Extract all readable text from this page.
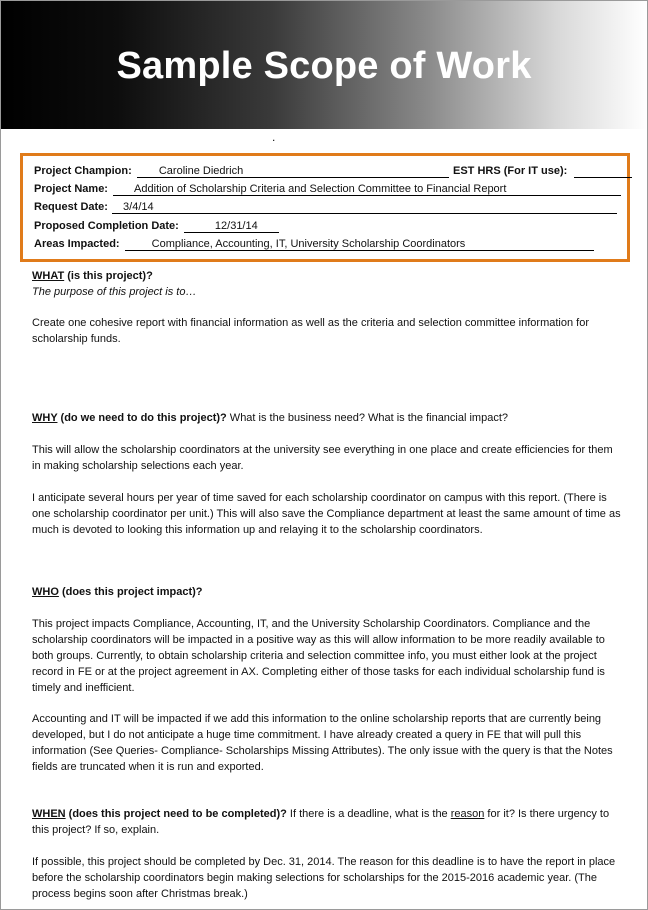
Sample Scope of Work
.
Project Champion: Caroline Diedrich	EST HRS (For IT use):
Project Name: Addition of Scholarship Criteria and Selection Committee to Financial Report
Request Date: 3/4/14
Proposed Completion Date:	12/31/14
Areas Impacted:	Compliance, Accounting, IT, University Scholarship Coordinators

WHAT (is this project)?

The purpose of this project is to…

Create one cohesive report with financial information as well as the criteria and selection committee information for scholarship funds.

WHY (do we need to do this project)? What is the business need? What is the financial impact?

This will allow the scholarship coordinators at the university see everything in one place and create efficiencies for them in making scholarship selections each year.
I anticipate several hours per year of time saved for each scholarship coordinator on campus with this report. (There is one scholarship coordinator per unit.) This will also save the Compliance department at least the same amount of time as much is devoted to looking this information up and relaying it to the scholarship coordinators.

WHO (does this project impact)?

This project impacts Compliance, Accounting, IT, and the University Scholarship Coordinators. Compliance and the scholarship coordinators will be impacted in a positive way as this will allow information to be more readily available to both groups. Currently, to obtain scholarship criteria and selection committee info, you must either look at the project record in FE or at the project agreement in AX. Completing either of those tasks for each individual scholarship fund is timely and inefficient.
Accounting and IT will be impacted if we add this information to the online scholarship reports that are currently being developed, but I do not anticipate a huge time commitment. I have already created a query in FE that will pull this information (See Queries- Compliance- Scholarships Missing Attributes). The only issue with the query is that the Notes fields are truncated when it is run and exported.

WHEN (does this project need to be completed)? If there is a deadline, what is the reason for it? Is there urgency to this project? If so, explain.

If possible, this project should be completed by Dec. 31, 2014. The reason for this deadline is to have the report in place before the scholarship coordinators begin making selections for scholarships for the 2015-2016 academic year. (The process begins soon after Christmas break.)
